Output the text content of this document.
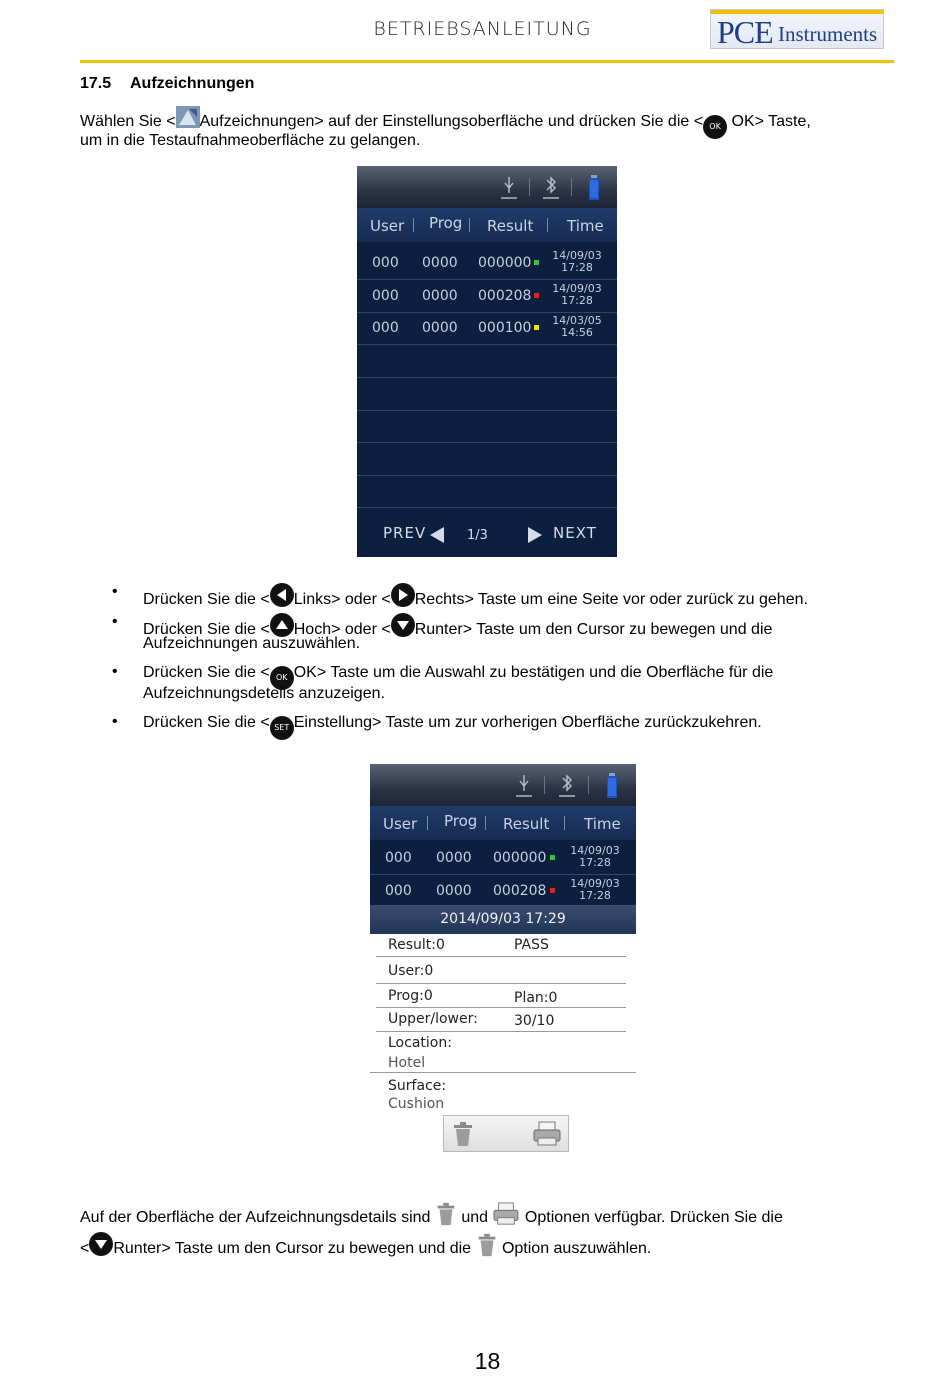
BETRIEBSANLEITUNG	PCE Instruments
17.5 Aufzeichnungen
Wählen Sie < Aufzeichnungen> auf der Einstellungsoberfläche und drücken Sie die < OK OK> Taste,
um in die Testaufnahmeoberfläche zu gelangen.
User Prog Result Time
000 0000 000000	14/09/03
17:28
000 0000 000208	14/09/03
17:28
000 0000 000100	14/03/05
14:56
PREV	1/3	NEXT
• Drücken Sie die < Links> oder < Rechts> Taste um eine Seite vor oder zurück zu gehen.
• Drücken Sie die < Hoch> oder < Runter> Taste um den Cursor zu bewegen und die
Aufzeichnungen auszuwählen.
• Drücken Sie die < OK OK> Taste um die Auswahl zu bestätigen und die Oberfläche für die
Aufzeichnungsdeteils anzuzeigen.
• Drücken Sie die < SET Einstellung> Taste um zur vorherigen Oberfläche zurückzukehren.
User Prog Result Time
000 0000 000000	14/09/03
17:28
000 0000 000208	14/09/03
17:28
2014/09/03 17:29
Result:0	PASS
User:0
Prog:0	Plan:0
Upper/lower:	30/10
Location:
Hotel
Surface:
Cushion
Auf der Oberfläche der Aufzeichnungsdetails sind  und  Optionen verfügbar. Drücken Sie die
< Runter> Taste um den Cursor zu bewegen und die  Option auszuwählen.
18
